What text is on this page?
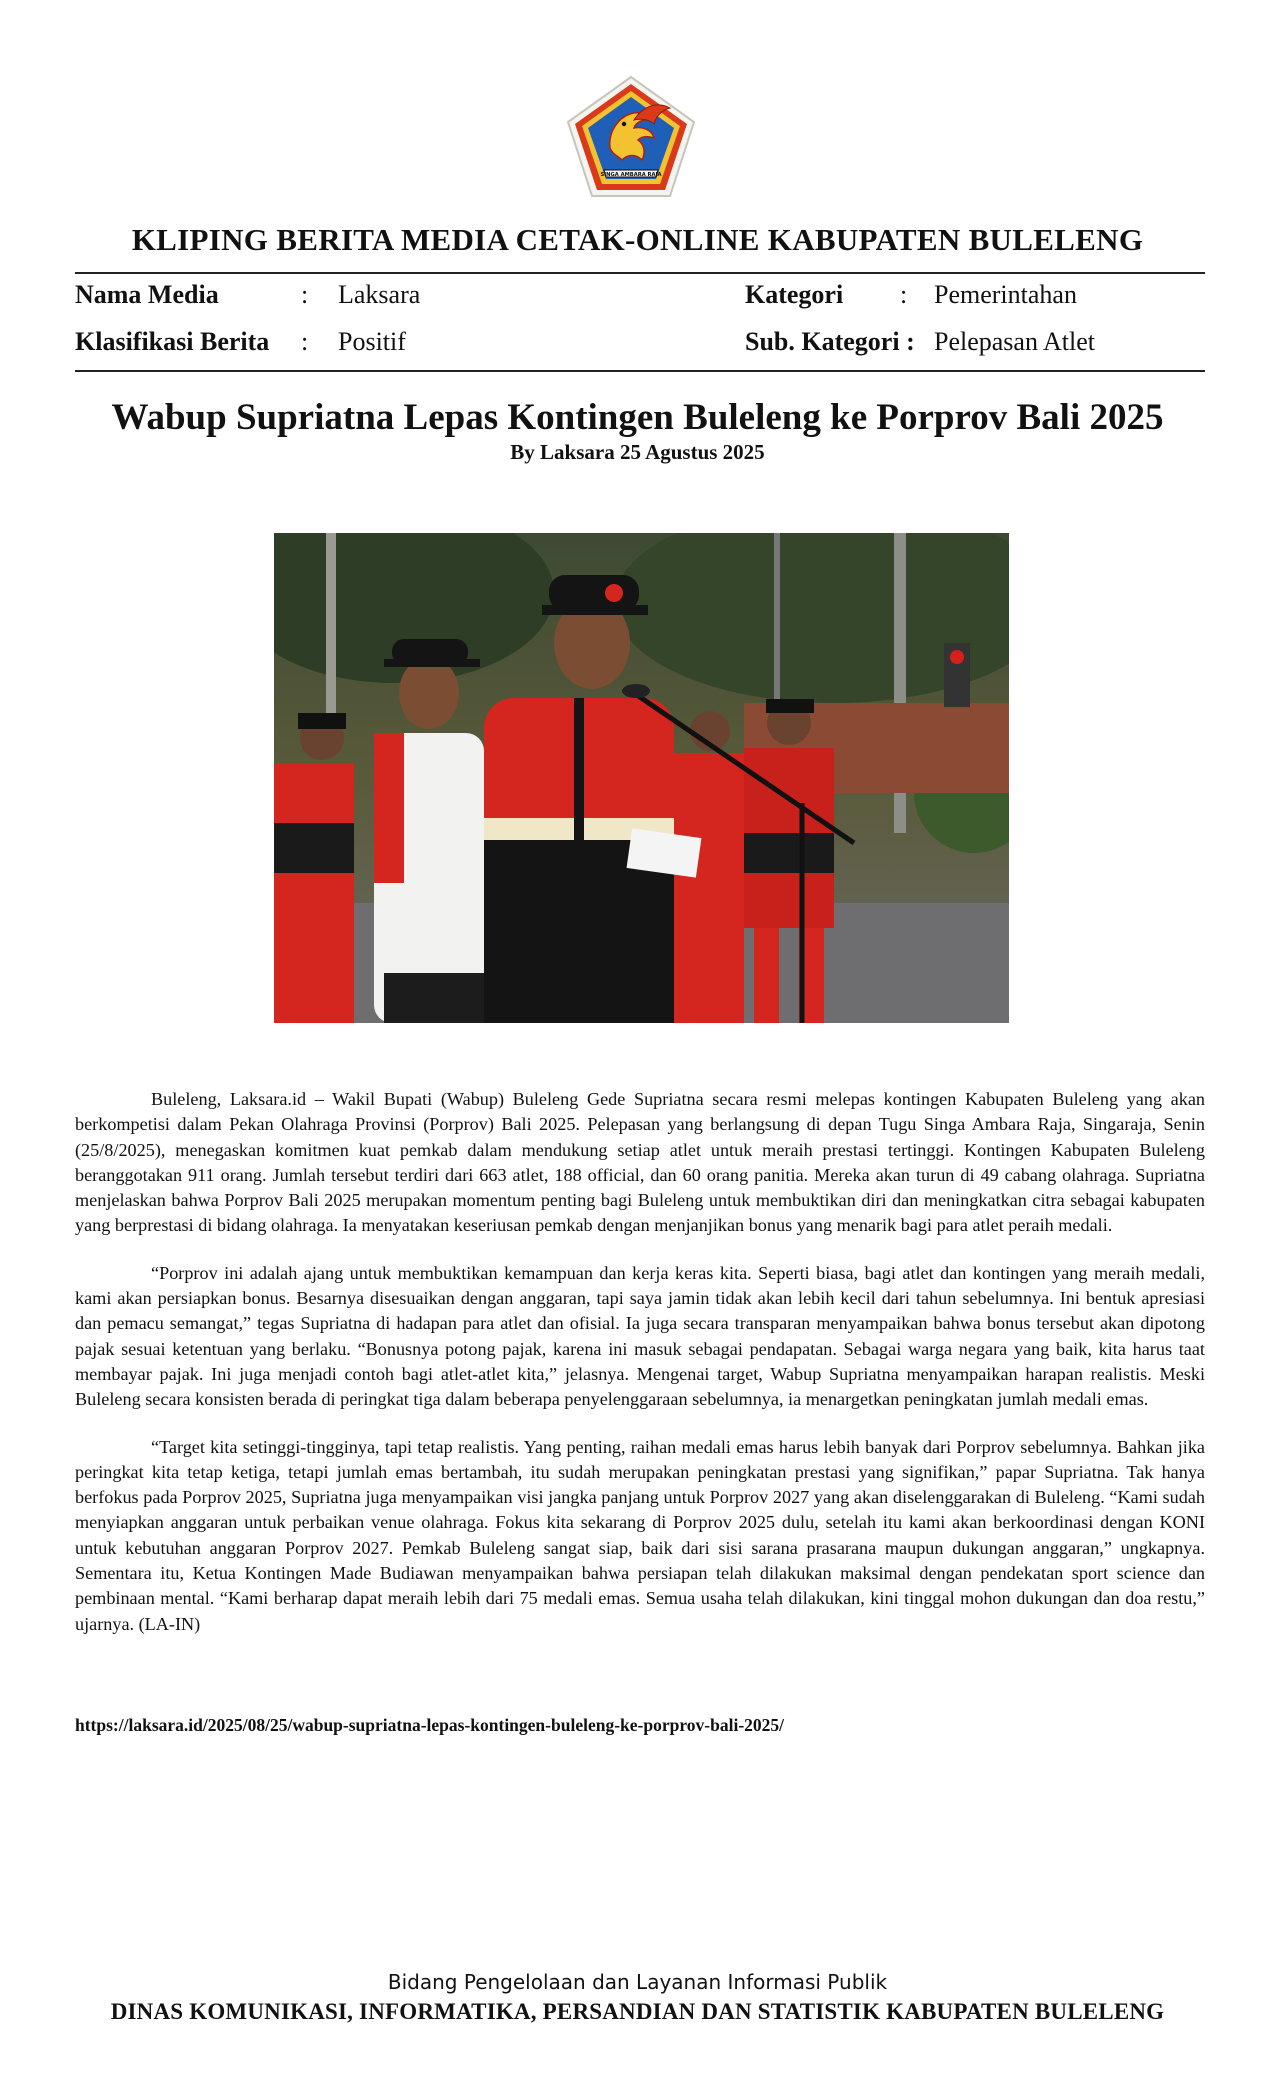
SINGA AMBARA RAJA
KLIPING BERITA MEDIA CETAK-ONLINE KABUPATEN BULELENG
Nama Media	: Laksara	Kategori : Pemerintahan
Klasifikasi Berita : Positif	Sub. Kategori : Pelepasan Atlet
Wabup Supriatna Lepas Kontingen Buleleng ke Porprov Bali 2025
By Laksara 25 Agustus 2025

Buleleng, Laksara.id – Wakil Bupati (Wabup) Buleleng Gede Supriatna secara resmi melepas kontingen Kabupaten Buleleng yang akan berkompetisi dalam Pekan Olahraga Provinsi (Porprov) Bali 2025. Pelepasan yang berlangsung di depan Tugu Singa Ambara Raja, Singaraja, Senin (25/8/2025), menegaskan komitmen kuat pemkab dalam mendukung setiap atlet untuk meraih prestasi tertinggi. Kontingen Kabupaten Buleleng beranggotakan 911 orang. Jumlah tersebut terdiri dari 663 atlet, 188 official, dan 60 orang panitia. Mereka akan turun di 49 cabang olahraga. Supriatna menjelaskan bahwa Porprov Bali 2025 merupakan momentum penting bagi Buleleng untuk membuktikan diri dan meningkatkan citra sebagai kabupaten yang berprestasi di bidang olahraga. Ia menyatakan keseriusan pemkab dengan menjanjikan bonus yang menarik bagi para atlet peraih medali.

“Porprov ini adalah ajang untuk membuktikan kemampuan dan kerja keras kita. Seperti biasa, bagi atlet dan kontingen yang meraih medali, kami akan persiapkan bonus. Besarnya disesuaikan dengan anggaran, tapi saya jamin tidak akan lebih kecil dari tahun sebelumnya. Ini bentuk apresiasi dan pemacu semangat,” tegas Supriatna di hadapan para atlet dan ofisial. Ia juga secara transparan menyampaikan bahwa bonus tersebut akan dipotong pajak sesuai ketentuan yang berlaku. “Bonusnya potong pajak, karena ini masuk sebagai pendapatan. Sebagai warga negara yang baik, kita harus taat membayar pajak. Ini juga menjadi contoh bagi atlet-atlet kita,” jelasnya. Mengenai target, Wabup Supriatna menyampaikan harapan realistis. Meski Buleleng secara konsisten berada di peringkat tiga dalam beberapa penyelenggaraan sebelumnya, ia menargetkan peningkatan jumlah medali emas.

“Target kita setinggi-tingginya, tapi tetap realistis. Yang penting, raihan medali emas harus lebih banyak dari Porprov sebelumnya. Bahkan jika peringkat kita tetap ketiga, tetapi jumlah emas bertambah, itu sudah merupakan peningkatan prestasi yang signifikan,” papar Supriatna. Tak hanya berfokus pada Porprov 2025, Supriatna juga menyampaikan visi jangka panjang untuk Porprov 2027 yang akan diselenggarakan di Buleleng. “Kami sudah menyiapkan anggaran untuk perbaikan venue olahraga. Fokus kita sekarang di Porprov 2025 dulu, setelah itu kami akan berkoordinasi dengan KONI untuk kebutuhan anggaran Porprov 2027. Pemkab Buleleng sangat siap, baik dari sisi sarana prasarana maupun dukungan anggaran,” ungkapnya. Sementara itu, Ketua Kontingen Made Budiawan menyampaikan bahwa persiapan telah dilakukan maksimal dengan pendekatan sport science dan pembinaan mental. “Kami berharap dapat meraih lebih dari 75 medali emas. Semua usaha telah dilakukan, kini tinggal mohon dukungan dan doa restu,” ujarnya. (LA-IN)

https://laksara.id/2025/08/25/wabup-supriatna-lepas-kontingen-buleleng-ke-porprov-bali-2025/
Bidang Pengelolaan dan Layanan Informasi Publik
DINAS KOMUNIKASI, INFORMATIKA, PERSANDIAN DAN STATISTIK KABUPATEN BULELENG
